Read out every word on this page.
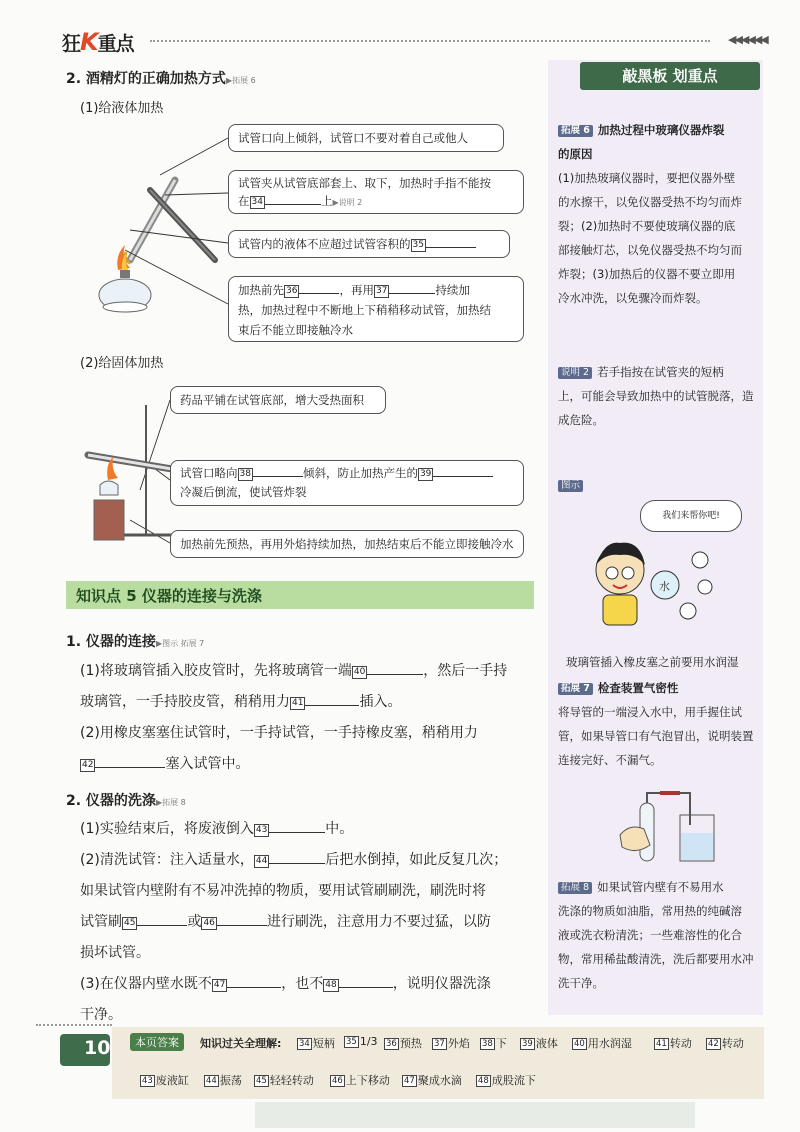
狂K重点	◀◀◀◀◀◀
2. 酒精灯的正确加热方式▶拓展 6
(1)给液体加热
试管口向上倾斜，试管口不要对着自己或他人
试管夹从试管底部套上、取下，加热时手指不能按
在 34	上▶说明 2
试管内的液体不应超过试管容积的 35
加热前先 36	，再用 37	持续加
热，加热过程中不断地上下稍稍移动试管，加热结
束后不能立即接触冷水
(2)给固体加热
药品平铺在试管底部，增大受热面积
试管口略向 38	倾斜，防止加热产生的 39
冷凝后倒流，使试管炸裂
加热前先预热，再用外焰持续加热，加热结束后不能立即接触冷水
知识点 5 仪器的连接与洗涤
1. 仪器的连接▶图示 拓展 7
(1)将玻璃管插入胶皮管时，先将玻璃管一端 40	，然后一手持
玻璃管，一手持胶皮管，稍稍用力 41	插入。
(2)用橡皮塞塞住试管时，一手持试管，一手持橡皮塞，稍稍用力
42	塞入试管中。
2. 仪器的洗涤▶拓展 8
(1)实验结束后，将废液倒入 43	中。
(2)清洗试管：注入适量水， 44	后把水倒掉，如此反复几次；
如果试管内壁附有不易冲洗掉的物质，要用试管刷刷洗，刷洗时将
试管刷 45	或 46	进行刷洗，注意用力不要过猛，以防
损坏试管。
(3)在仪器内壁水既不 47	，也不 48	，说明仪器洗涤
干净。
敲黑板 划重点
拓展 6 加热过程中玻璃仪器炸裂
的原因
(1)加热玻璃仪器时，要把仪器外壁
的水擦干，以免仪器受热不均匀而炸
裂；(2)加热时不要使玻璃仪器的底
部接触灯芯，以免仪器受热不均匀而
炸裂；(3)加热后的仪器不要立即用
冷水冲洗，以免骤冷而炸裂。
说明 2 若手指按在试管夹的短柄
上，可能会导致加热中的试管脱落，造
成危险。
图示
我们来帮你吧!
水
玻璃管插入橡皮塞之前要用水润湿
拓展 7 检查装置气密性
将导管的一端浸入水中，用手握住试
管，如果导管口有气泡冒出，说明装置
连接完好、不漏气。
拓展 8 如果试管内壁有不易用水
洗涤的物质如油脂，常用热的纯碱溶
液或洗衣粉清洗；一些难溶性的化合
物，常用稀盐酸清洗，洗后都要用水冲
洗干净。
10	本页答案	知识过关全理解: 34 短柄 35 1/3 36 预热 37 外焰 38 下 39 液体 40 用水润湿	41 转动 42 转动
43 废液缸 44 振荡 45 轻轻转动 46 上下移动 47 聚成水滴 48 成股流下
